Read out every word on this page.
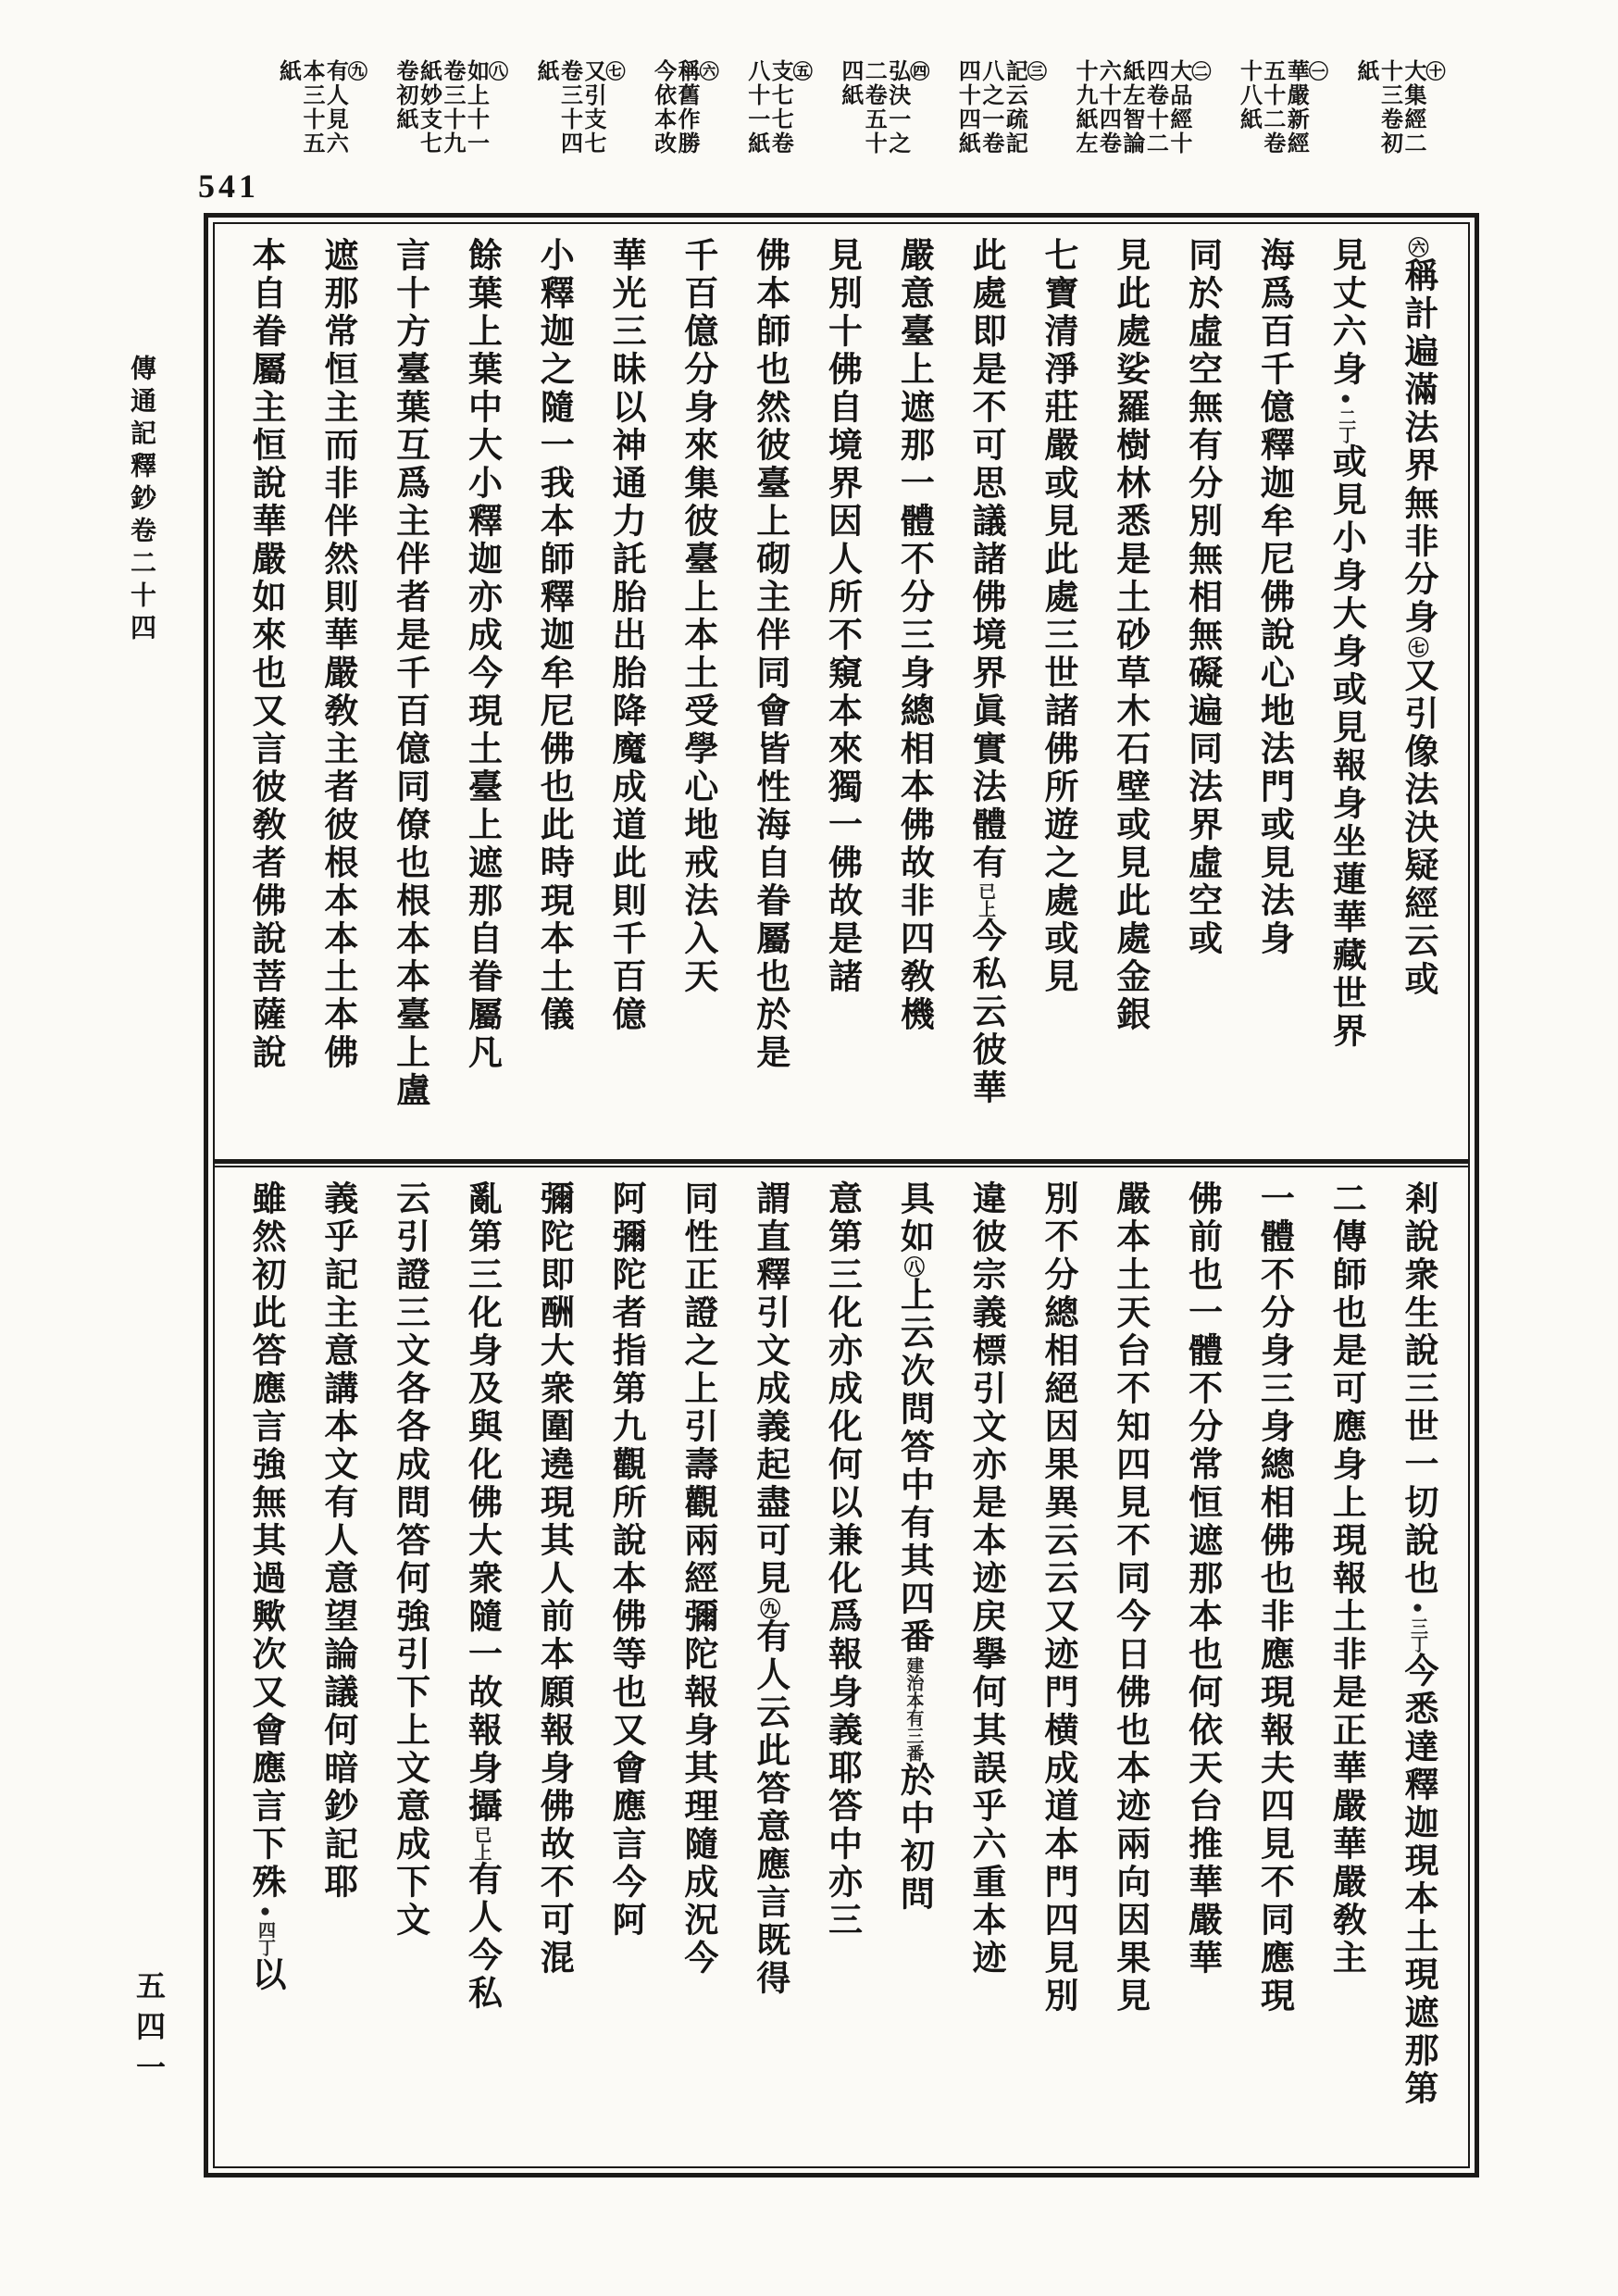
㊉
大集經二
十三卷初
紙
㊀
華嚴新經
五十二卷
十八紙
㊁
大品經十
四卷十二
紙左智論
六十四卷
十九紙左
㊂
記云疏記
八之一卷
四十四紙
㊃
弘決一之
二卷五十
四紙
㊄
支七七卷
八十一紙
㊅
稱舊作勝
今依本改
㊆
又引支七
卷三十四
紙
㊇
如上十一
卷三十九
紙妙支七
卷初紙
㊈
有人見六
本三十五
紙
541
傳通記釋鈔卷二十四
五四一
㊅稱計遍滿法界無非分身㊆又引像法決疑經云或
見丈六身●二丁或見小身大身或見報身坐蓮華藏世界
海爲百千億釋迦牟尼佛說心地法門或見法身
同於虛空無有分別無相無礙遍同法界虛空或
見此處娑羅樹林悉是土砂草木石壁或見此處金銀
七寶清淨莊嚴或見此處三世諸佛所遊之處或見
此處即是不可思議諸佛境界眞實法體有已上今私云彼華
嚴意臺上遮那一體不分三身總相本佛故非四敎機
見別十佛自境界因人所不窺本來獨一佛故是諸
佛本師也然彼臺上砌主伴同會皆性海自眷屬也於是
千百億分身來集彼臺上本土受學心地戒法入天
華光三昧以神通力託胎出胎降魔成道此則千百億
小釋迦之隨一我本師釋迦牟尼佛也此時現本土儀
餘葉上葉中大小釋迦亦成今現土臺上遮那自眷屬凡
言十方臺葉互爲主伴者是千百億同僚也根本本臺上盧
遮那常恒主而非伴然則華嚴敎主者彼根本本土本佛
本自眷屬主恒說華嚴如來也又言彼敎者佛說菩薩說
剎說衆生說三世一切說也●三丁今悉達釋迦現本土現遮那第
二傳師也是可應身上現報土非是正華嚴華嚴敎主
一體不分身三身總相佛也非應現報夫四見不同應現
佛前也一體不分常恒遮那本也何依天台推華嚴華
嚴本土天台不知四見不同今日佛也本迹兩向因果見
別不分總相絕因果異云云又迹門横成道本門四見別
違彼宗義標引文亦是本迹戻擧何其誤乎六重本迹
具如㊇上云次問答中有其四番建治本有三番於中初問
意第三化亦成化何以兼化爲報身義耶答中亦三
謂直釋引文成義起盡可見㊈有人云此答意應言既得
同性正證之上引壽觀兩經彌陀報身其理隨成況今
阿彌陀者指第九觀所說本佛等也又會應言今阿
彌陀即酬大衆圍遶現其人前本願報身佛故不可混
亂第三化身及與化佛大衆隨一故報身攝已上有人今私
云引證三文各各成問答何強引下上文意成下文
義乎記主意講本文有人意望論議何暗鈔記耶
雖然初此答應言強無其過歟次又會應言下殊●四丁以
